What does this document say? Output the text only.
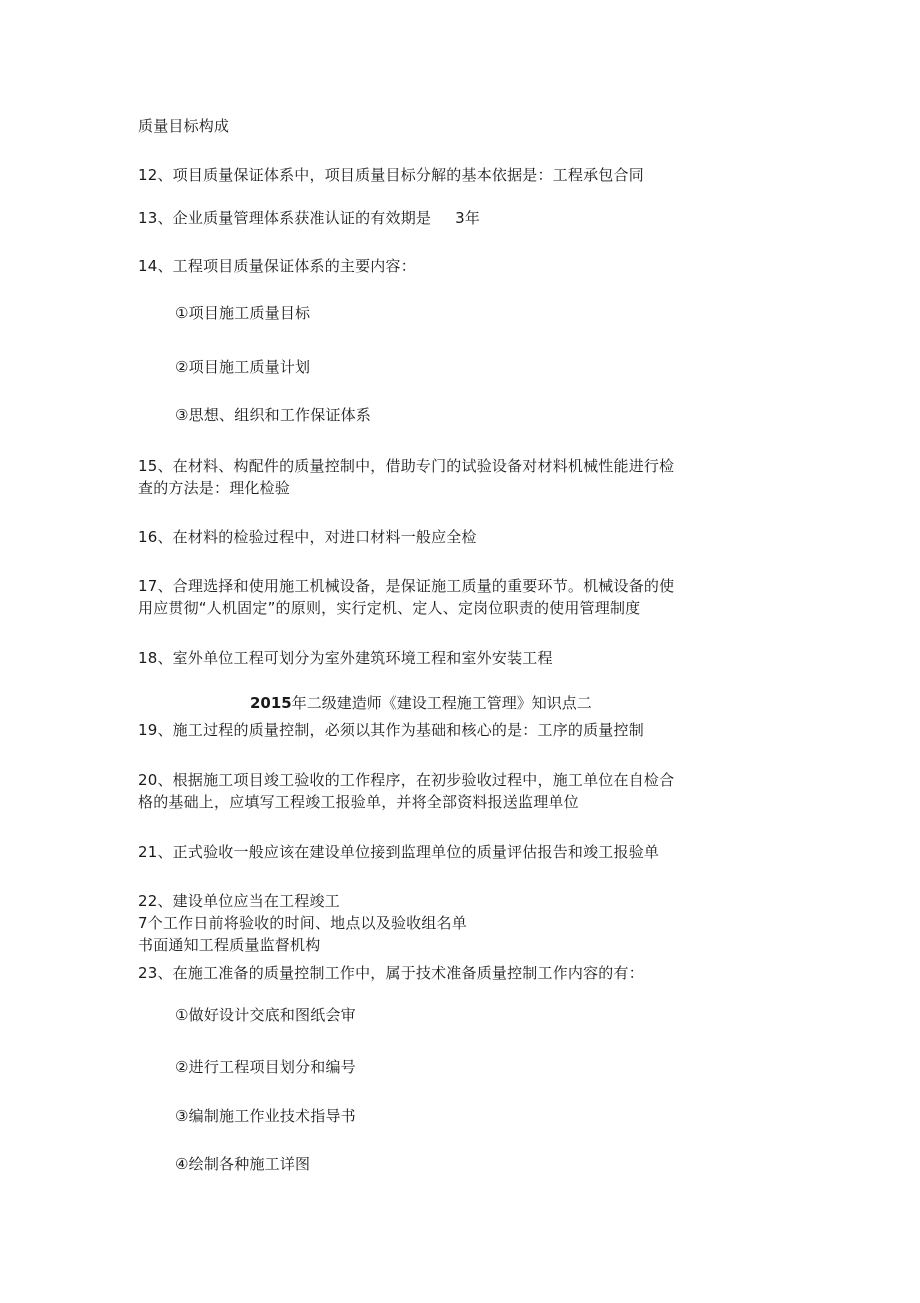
质量目标构成
12、项目质量保证体系中，项目质量目标分解的基本依据是：工程承包合同
13、企业质量管理体系获准认证的有效期是 3年
14、工程项目质量保证体系的主要内容：
①项目施工质量目标
②项目施工质量计划
③思想、组织和工作保证体系
15、在材料、构配件的质量控制中，借助专门的试验设备对材料机械性能进行检
查的方法是：理化检验
16、在材料的检验过程中，对进口材料一般应全检
17、合理选择和使用施工机械设备，是保证施工质量的重要环节。机械设备的使
用应贯彻“人机固定”的原则，实行定机、定人、定岗位职责的使用管理制度
18、室外单位工程可划分为室外建筑环境工程和室外安装工程
2015年二级建造师《建设工程施工管理》知识点二
19、施工过程的质量控制，必须以其作为基础和核心的是：工序的质量控制
20、根据施工项目竣工验收的工作程序，在初步验收过程中，施工单位在自检合
格的基础上，应填写工程竣工报验单，并将全部资料报送监理单位
21、正式验收一般应该在建设单位接到监理单位的质量评估报告和竣工报验单
22、建设单位应当在工程竣工
7个工作日前将验收的时间、地点以及验收组名单
书面通知工程质量监督机构
23、在施工准备的质量控制工作中，属于技术准备质量控制工作内容的有：
①做好设计交底和图纸会审
②进行工程项目划分和编号
③编制施工作业技术指导书
④绘制各种施工详图
